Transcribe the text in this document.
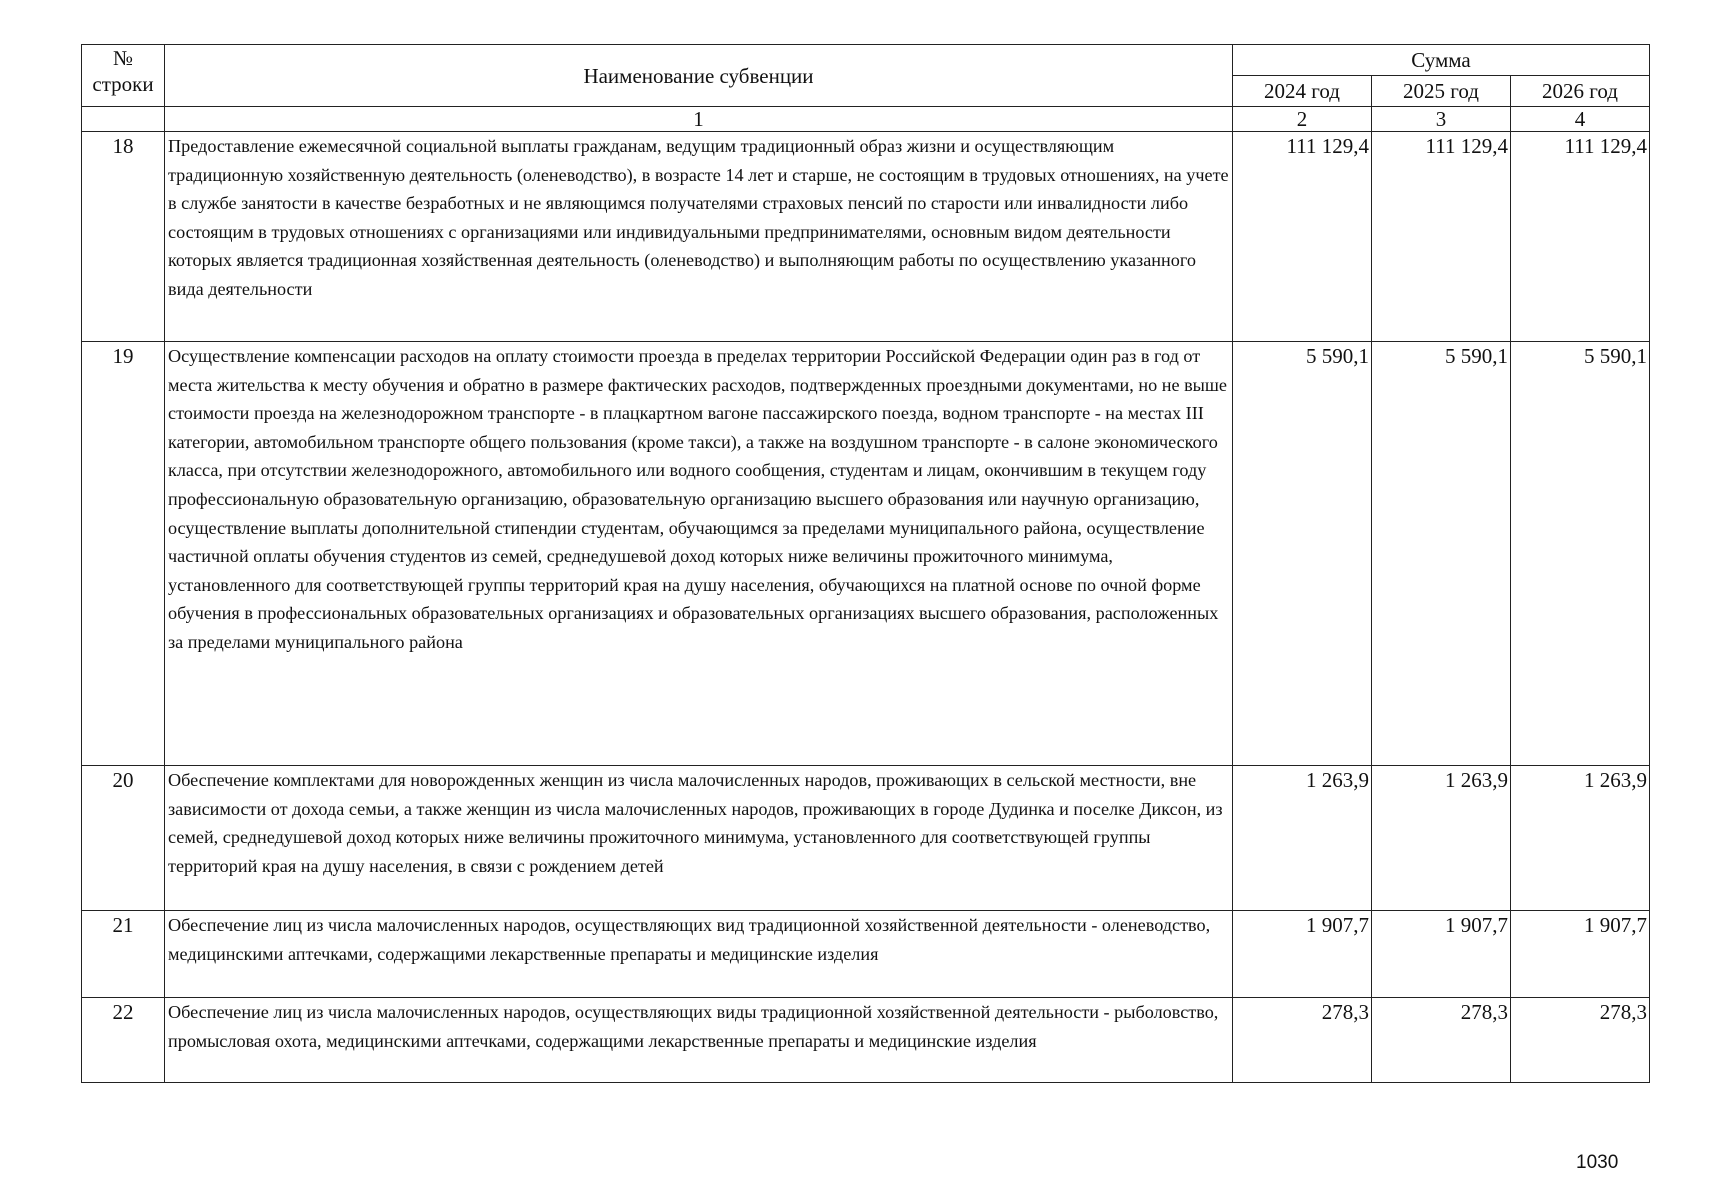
№
строки	Наименование субвенции	Сумма		
		2024 год	2025 год	2026 год
	1	2	3	4
18	Предоставление ежемесячной социальной выплаты гражданам, ведущим традиционный образ жизни и осуществляющим традиционную хозяйственную деятельность (оленеводство), в возрасте 14 лет и старше, не состоящим в трудовых отношениях, на учете в службе занятости в качестве безработных и не являющимся получателями страховых пенсий по старости или инвалидности либо состоящим в трудовых отношениях с организациями или индивидуальными предпринимателями, основным видом деятельности которых является традиционная хозяйственная деятельность (оленеводство) и выполняющим работы по осуществлению указанного вида деятельности	111 129,4	111 129,4	111 129,4
19	Осуществление компенсации расходов на оплату стоимости проезда в пределах территории Российской Федерации один раз в год от места жительства к месту обучения и обратно в размере фактических расходов, подтвержденных проездными документами, но не выше стоимости проезда на железнодорожном транспорте - в плацкартном вагоне пассажирского поезда, водном транспорте - на местах III категории, автомобильном транспорте общего пользования (кроме такси), а также на воздушном транспорте - в салоне экономического класса, при отсутствии железнодорожного, автомобильного или водного сообщения, студентам и лицам, окончившим в текущем году профессиональную образовательную организацию, образовательную организацию высшего образования или научную организацию, осуществление выплаты дополнительной стипендии студентам, обучающимся за пределами муниципального района, осуществление частичной оплаты обучения студентов из семей, среднедушевой доход которых ниже величины прожиточного минимума, установленного для соответствующей группы территорий края на душу населения, обучающихся на платной основе по очной форме обучения в профессиональных образовательных организациях и образовательных организациях высшего образования, расположенных за пределами муниципального района	5 590,1	5 590,1	5 590,1
20	Обеспечение комплектами для новорожденных женщин из числа малочисленных народов, проживающих в сельской местности, вне зависимости от дохода семьи, а также женщин из числа малочисленных народов, проживающих в городе Дудинка и поселке Диксон, из семей, среднедушевой доход которых ниже величины прожиточного минимума, установленного для соответствующей группы территорий края на душу населения, в связи с рождением детей	1 263,9	1 263,9	1 263,9
21	Обеспечение лиц из числа малочисленных народов, осуществляющих вид традиционной хозяйственной деятельности - оленеводство, медицинскими аптечками, содержащими лекарственные препараты и медицинские изделия	1 907,7	1 907,7	1 907,7
22	Обеспечение лиц из числа малочисленных народов, осуществляющих виды традиционной хозяйственной деятельности - рыболовство, промысловая охота, медицинскими аптечками, содержащими лекарственные препараты и медицинские изделия	278,3	278,3	278,3
1030
